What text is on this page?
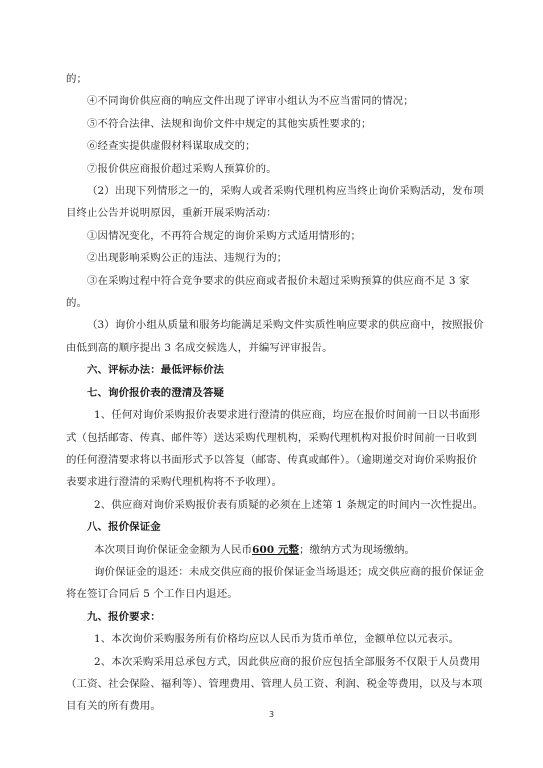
的；

④不同询价供应商的响应文件出现了评审小组认为不应当雷同的情况；

⑤不符合法律、法规和询价文件中规定的其他实质性要求的；

⑥经查实提供虚假材料谋取成交的；

⑦报价供应商报价超过采购人预算价的。

（2）出现下列情形之一的，采购人或者采购代理机构应当终止询价采购活动，发布项目终止公告并说明原因，重新开展采购活动：

①因情况变化，不再符合规定的询价采购方式适用情形的；

②出现影响采购公正的违法、违规行为的；

③在采购过程中符合竞争要求的供应商或者报价未超过采购预算的供应商不足 3 家的。

（3）询价小组从质量和服务均能满足采购文件实质性响应要求的供应商中，按照报价由低到高的顺序提出 3 名成交候选人，并编写评审报告。

六、评标办法：最低评标价法

七、询价报价表的澄清及答疑

1、任何对询价采购报价表要求进行澄清的供应商，均应在报价时间前一日以书面形式（包括邮寄、传真、邮件等）送达采购代理机构，采购代理机构对报价时间前一日收到的任何澄清要求将以书面形式予以答复（邮寄、传真或邮件）。（逾期递交对询价采购报价表要求进行澄清的采购代理机构将不予收理）。

2、供应商对询价采购报价表有质疑的必须在上述第 1 条规定的时间内一次性提出。

八、报价保证金

本次项目询价保证金金额为人民币600 元整；缴纳方式为现场缴纳。

询价保证金的退还：未成交供应商的报价保证金当场退还；成交供应商的报价保证金将在签订合同后 5 个工作日内退还。

九、报价要求：

1、本次询价采购服务所有价格均应以人民币为货币单位，金额单位以元表示。

2、本次采购采用总承包方式，因此供应商的报价应包括全部服务不仅限于人员费用（工资、社会保险、福利等）、管理费用、管理人员工资、利润、税金等费用，以及与本项目有关的所有费用。

3
